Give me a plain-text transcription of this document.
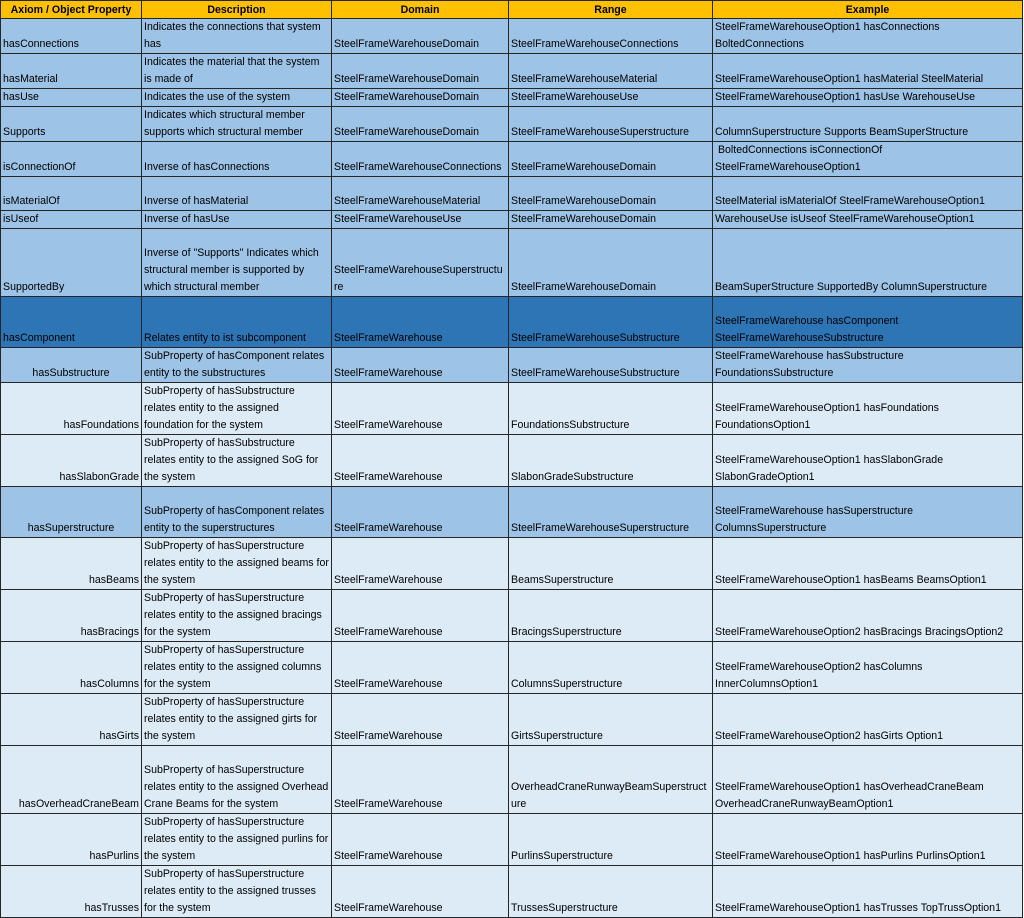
Axiom / Object Property	Description	Domain	Range	Example
hasConnections	Indicates the connections that system has	SteelFrameWarehouseDomain	SteelFrameWarehouseConnections	SteelFrameWarehouseOption1 hasConnections BoltedConnections
hasMaterial	Indicates the material that the system is made of	SteelFrameWarehouseDomain	SteelFrameWarehouseMaterial	SteelFrameWarehouseOption1 hasMaterial SteelMaterial
hasUse	Indicates the use of the system	SteelFrameWarehouseDomain	SteelFrameWarehouseUse	SteelFrameWarehouseOption1 hasUse WarehouseUse
Supports	Indicates which structural member supports which structural member	SteelFrameWarehouseDomain	SteelFrameWarehouseSuperstructure	ColumnSuperstructure Supports BeamSuperStructure
isConnectionOf	Inverse of hasConnections	SteelFrameWarehouseConnections	SteelFrameWarehouseDomain	BoltedConnections isConnectionOf SteelFrameWarehouseOption1
isMaterialOf	Inverse of hasMaterial	SteelFrameWarehouseMaterial	SteelFrameWarehouseDomain	SteelMaterial isMaterialOf SteelFrameWarehouseOption1
isUseof	Inverse of hasUse	SteelFrameWarehouseUse	SteelFrameWarehouseDomain	WarehouseUse isUseof SteelFrameWarehouseOption1
SupportedBy	Inverse of "Supports" Indicates which structural member is supported by which structural member	SteelFrameWarehouseSuperstructure	SteelFrameWarehouseDomain	BeamSuperStructure SupportedBy ColumnSuperstructure
hasComponent	Relates entity to ist subcomponent	SteelFrameWarehouse	SteelFrameWarehouseSubstructure	SteelFrameWarehouse hasComponent SteelFrameWarehouseSubstructure
hasSubstructure	SubProperty of hasComponent relates entity to the substructures	SteelFrameWarehouse	SteelFrameWarehouseSubstructure	SteelFrameWarehouse hasSubstructure FoundationsSubstructure
hasFoundations	SubProperty of hasSubstructure relates entity to the assigned foundation for the system	SteelFrameWarehouse	FoundationsSubstructure	SteelFrameWarehouseOption1 hasFoundations FoundationsOption1
hasSlabonGrade	SubProperty of hasSubstructure relates entity to the assigned SoG for the system	SteelFrameWarehouse	SlabonGradeSubstructure	SteelFrameWarehouseOption1 hasSlabonGrade SlabonGradeOption1
hasSuperstructure	SubProperty of hasComponent relates entity to the superstructures	SteelFrameWarehouse	SteelFrameWarehouseSuperstructure	SteelFrameWarehouse hasSuperstructure ColumnsSuperstructure
hasBeams	SubProperty of hasSuperstructure relates entity to the assigned beams for the system	SteelFrameWarehouse	BeamsSuperstructure	SteelFrameWarehouseOption1 hasBeams BeamsOption1
hasBracings	SubProperty of hasSuperstructure relates entity to the assigned bracings for the system	SteelFrameWarehouse	BracingsSuperstructure	SteelFrameWarehouseOption2 hasBracings BracingsOption2
hasColumns	SubProperty of hasSuperstructure relates entity to the assigned columns for the system	SteelFrameWarehouse	ColumnsSuperstructure	SteelFrameWarehouseOption2 hasColumns InnerColumnsOption1
hasGirts	SubProperty of hasSuperstructure relates entity to the assigned girts for the system	SteelFrameWarehouse	GirtsSuperstructure	SteelFrameWarehouseOption2 hasGirts Option1
hasOverheadCraneBeam	SubProperty of hasSuperstructure relates entity to the assigned Overhead Crane Beams for the system	SteelFrameWarehouse	OverheadCraneRunwayBeamSuperstructure	SteelFrameWarehouseOption1 hasOverheadCraneBeam OverheadCraneRunwayBeamOption1
hasPurlins	SubProperty of hasSuperstructure relates entity to the assigned purlins for the system	SteelFrameWarehouse	PurlinsSuperstructure	SteelFrameWarehouseOption1 hasPurlins PurlinsOption1
hasTrusses	SubProperty of hasSuperstructure relates entity to the assigned trusses for the system	SteelFrameWarehouse	TrussesSuperstructure	SteelFrameWarehouseOption1 hasTrusses TopTrussOption1
